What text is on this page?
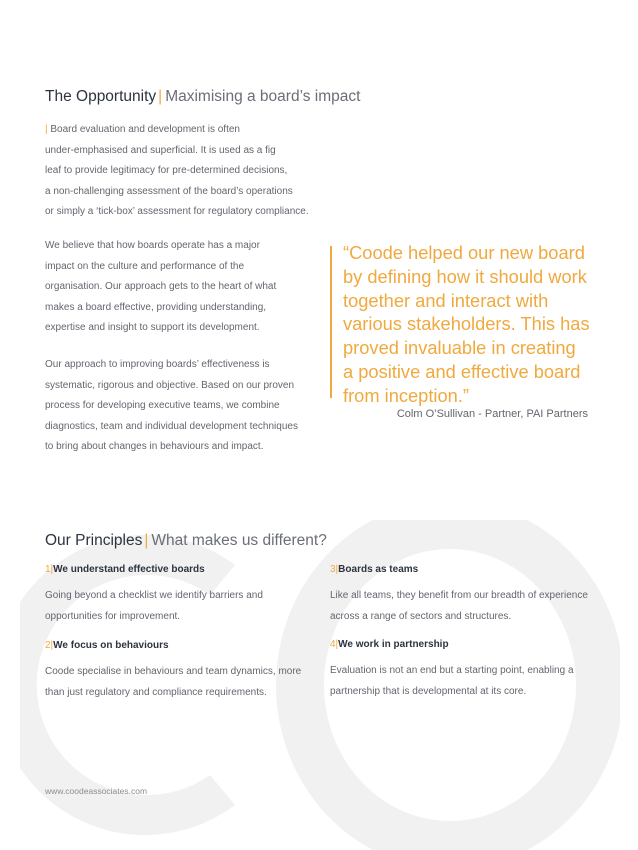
The Opportunity | Maximising a board’s impact

| Board evaluation and development is often

under-emphasised and superficial. It is used as a fig

leaf to provide legitimacy for pre-determined decisions,

a non-challenging assessment of the board’s operations

or simply a ‘tick-box’ assessment for regulatory compliance.

We believe that how boards operate has a major

impact on the culture and performance of the

organisation. Our approach gets to the heart of what

makes a board effective, providing understanding,

expertise and insight to support its development.

Our approach to improving boards’ effectiveness is

systematic, rigorous and objective. Based on our proven

process for developing executive teams, we combine

diagnostics, team and individual development techniques

to bring about changes in behaviours and impact.

“Coode helped our new board

by defining how it should work

together and interact with

various stakeholders. This has

proved invaluable in creating

a positive and effective board

from inception.”

Colm O’Sullivan - Partner, PAI Partners
Our Principles | What makes us different?
1|We understand effective boards

Going beyond a checklist we identify barriers and

opportunities for improvement.

2|We focus on behaviours

Coode specialise in behaviours and team dynamics, more

than just regulatory and compliance requirements.

3|Boards as teams

Like all teams, they benefit from our breadth of experience

across a range of sectors and structures.

4|We work in partnership

Evaluation is not an end but a starting point, enabling a

partnership that is developmental at its core.

www.coodeassociates.com
